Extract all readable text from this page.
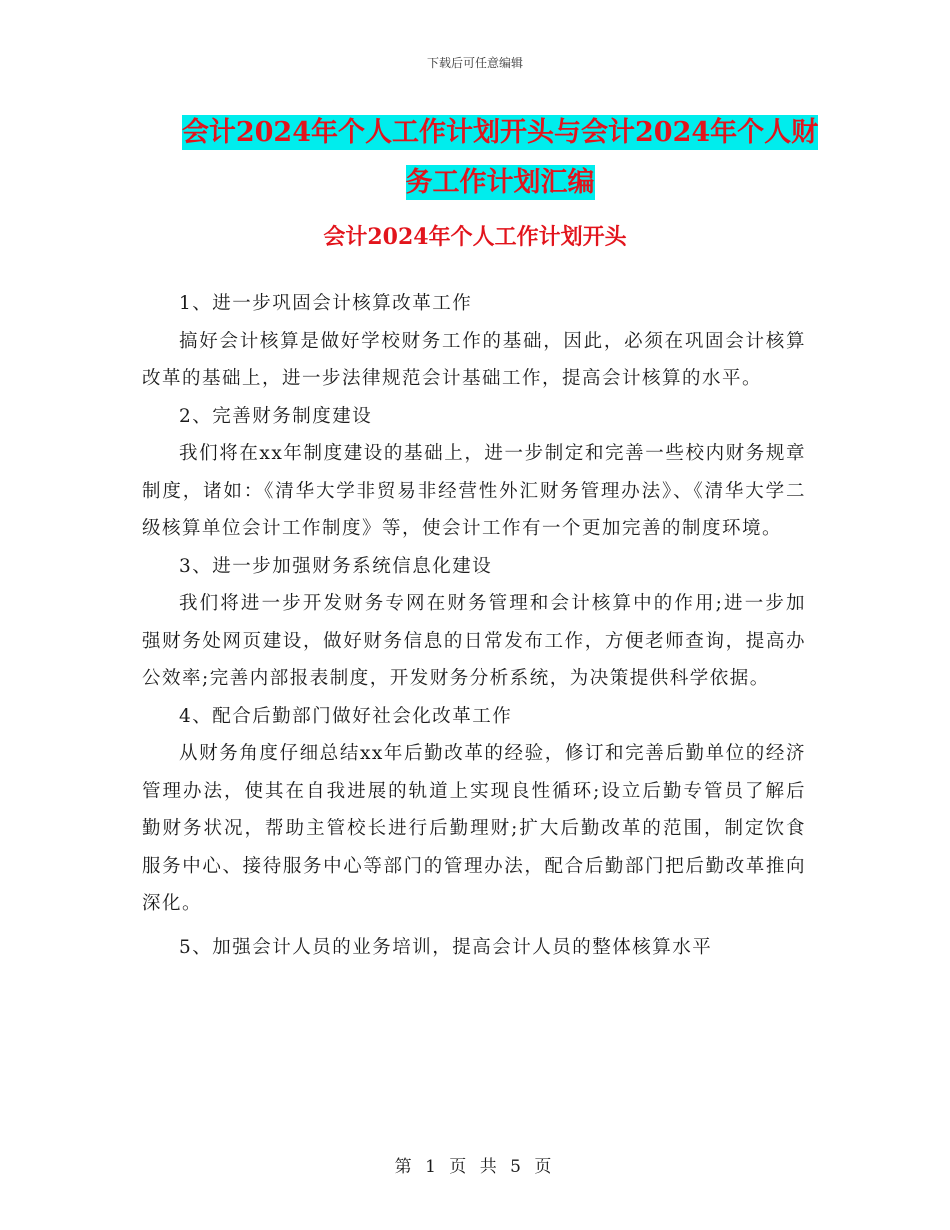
下载后可任意编辑
会计2024年个人工作计划开头与会计2024年个人财
务工作计划汇编
会计2024年个人工作计划开头

1、进一步巩固会计核算改革工作

搞好会计核算是做好学校财务工作的基础，因此，必须在巩固会计核算改革的基础上，进一步法律规范会计基础工作，提高会计核算的水平。

2、完善财务制度建设

我们将在xx年制度建设的基础上，进一步制定和完善一些校内财务规章制度，诸如：《清华大学非贸易非经营性外汇财务管理办法》、《清华大学二级核算单位会计工作制度》等，使会计工作有一个更加完善的制度环境。

3、进一步加强财务系统信息化建设

我们将进一步开发财务专网在财务管理和会计核算中的作用;进一步加强财务处网页建设，做好财务信息的日常发布工作，方便老师查询，提高办公效率;完善内部报表制度，开发财务分析系统，为决策提供科学依据。

4、配合后勤部门做好社会化改革工作

从财务角度仔细总结xx年后勤改革的经验，修订和完善后勤单位的经济管理办法，使其在自我进展的轨道上实现良性循环;设立后勤专管员了解后勤财务状况，帮助主管校长进行后勤理财;扩大后勤改革的范围，制定饮食服务中心、接待服务中心等部门的管理办法，配合后勤部门把后勤改革推向深化。

5、加强会计人员的业务培训，提高会计人员的整体核算水平

第 1 页 共 5 页
